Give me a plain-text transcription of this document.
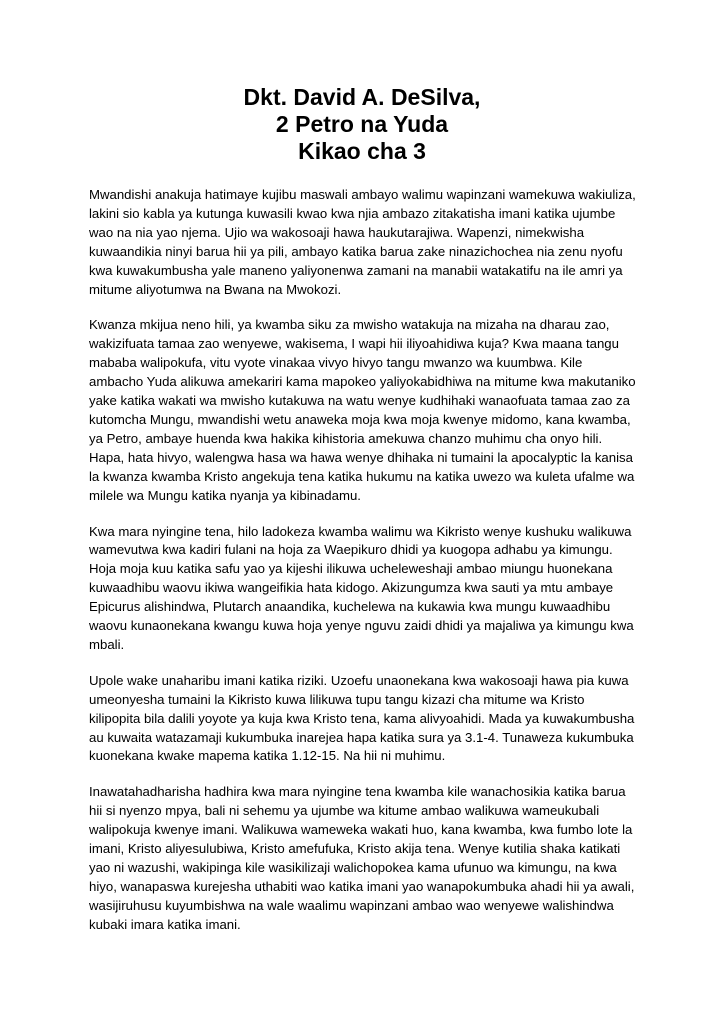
Dkt. David A. DeSilva,
2 Petro na Yuda
Kikao cha 3

Mwandishi anakuja hatimaye kujibu maswali ambayo walimu wapinzani wamekuwa wakiuliza, lakini sio kabla ya kutunga kuwasili kwao kwa njia ambazo zitakatisha imani katika ujumbe wao na nia yao njema. Ujio wa wakosoaji hawa haukutarajiwa. Wapenzi, nimekwisha kuwaandikia ninyi barua hii ya pili, ambayo katika barua zake ninazichochea nia zenu nyofu kwa kuwakumbusha yale maneno yaliyonenwa zamani na manabii watakatifu na ile amri ya mitume aliyotumwa na Bwana na Mwokozi.

Kwanza mkijua neno hili, ya kwamba siku za mwisho watakuja na mizaha na dharau zao, wakizifuata tamaa zao wenyewe, wakisema, I wapi hii iliyoahidiwa kuja? Kwa maana tangu mababa walipokufa, vitu vyote vinakaa vivyo hivyo tangu mwanzo wa kuumbwa. Kile ambacho Yuda alikuwa amekariri kama mapokeo yaliyokabidhiwa na mitume kwa makutaniko yake katika wakati wa mwisho kutakuwa na watu wenye kudhihaki wanaofuata tamaa zao za kutomcha Mungu, mwandishi wetu anaweka moja kwa moja kwenye midomo, kana kwamba, ya Petro, ambaye huenda kwa hakika kihistoria amekuwa chanzo muhimu cha onyo hili. Hapa, hata hivyo, walengwa hasa wa hawa wenye dhihaka ni tumaini la apocalyptic la kanisa la kwanza kwamba Kristo angekuja tena katika hukumu na katika uwezo wa kuleta ufalme wa milele wa Mungu katika nyanja ya kibinadamu.

Kwa mara nyingine tena, hilo ladokeza kwamba walimu wa Kikristo wenye kushuku walikuwa wamevutwa kwa kadiri fulani na hoja za Waepikuro dhidi ya kuogopa adhabu ya kimungu. Hoja moja kuu katika safu yao ya kijeshi ilikuwa ucheleweshaji ambao miungu huonekana kuwaadhibu waovu ikiwa wangeifikia hata kidogo. Akizungumza kwa sauti ya mtu ambaye Epicurus alishindwa, Plutarch anaandika, kuchelewa na kukawia kwa mungu kuwaadhibu waovu kunaonekana kwangu kuwa hoja yenye nguvu zaidi dhidi ya majaliwa ya kimungu kwa mbali.

Upole wake unaharibu imani katika riziki. Uzoefu unaonekana kwa wakosoaji hawa pia kuwa umeonyesha tumaini la Kikristo kuwa lilikuwa tupu tangu kizazi cha mitume wa Kristo kilipopita bila dalili yoyote ya kuja kwa Kristo tena, kama alivyoahidi. Mada ya kuwakumbusha au kuwaita watazamaji kukumbuka inarejea hapa katika sura ya 3.1-4. Tunaweza kukumbuka kuonekana kwake mapema katika 1.12-15. Na hii ni muhimu.

Inawatahadharisha hadhira kwa mara nyingine tena kwamba kile wanachosikia katika barua hii si nyenzo mpya, bali ni sehemu ya ujumbe wa kitume ambao walikuwa wameukubali walipokuja kwenye imani. Walikuwa wameweka wakati huo, kana kwamba, kwa fumbo lote la imani, Kristo aliyesulubiwa, Kristo amefufuka, Kristo akija tena. Wenye kutilia shaka katikati yao ni wazushi, wakipinga kile wasikilizaji walichopokea kama ufunuo wa kimungu, na kwa hiyo, wanapaswa kurejesha uthabiti wao katika imani yao wanapokumbuka ahadi hii ya awali, wasijiruhusu kuyumbishwa na wale waalimu wapinzani ambao wao wenyewe walishindwa kubaki imara katika imani.
